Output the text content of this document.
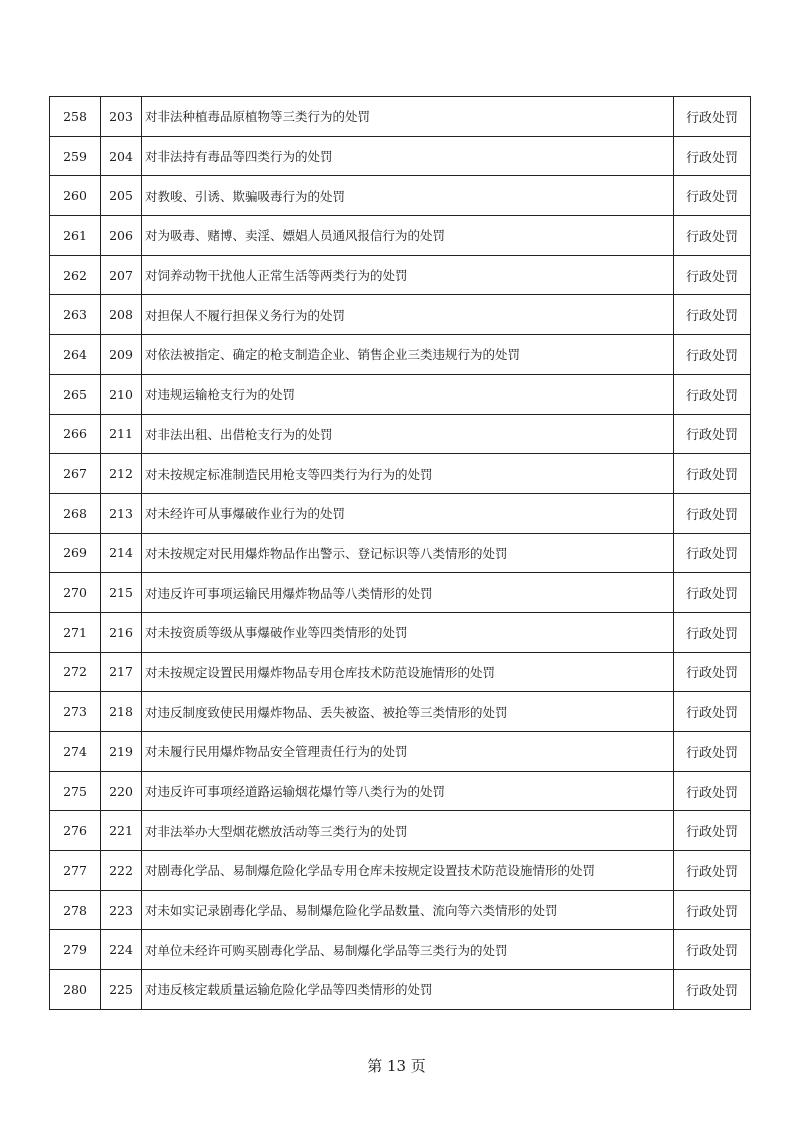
258	203	对非法种植毒品原植物等三类行为的处罚	行政处罚
259	204	对非法持有毒品等四类行为的处罚	行政处罚
260	205	对教唆、引诱、欺骗吸毒行为的处罚	行政处罚
261	206	对为吸毒、赌博、卖淫、嫖娼人员通风报信行为的处罚	行政处罚
262	207	对饲养动物干扰他人正常生活等两类行为的处罚	行政处罚
263	208	对担保人不履行担保义务行为的处罚	行政处罚
264	209	对依法被指定、确定的枪支制造企业、销售企业三类违规行为的处罚	行政处罚
265	210	对违规运输枪支行为的处罚	行政处罚
266	211	对非法出租、出借枪支行为的处罚	行政处罚
267	212	对未按规定标准制造民用枪支等四类行为行为的处罚	行政处罚
268	213	对未经许可从事爆破作业行为的处罚	行政处罚
269	214	对未按规定对民用爆炸物品作出警示、登记标识等八类情形的处罚	行政处罚
270	215	对违反许可事项运输民用爆炸物品等八类情形的处罚	行政处罚
271	216	对未按资质等级从事爆破作业等四类情形的处罚	行政处罚
272	217	对未按规定设置民用爆炸物品专用仓库技术防范设施情形的处罚	行政处罚
273	218	对违反制度致使民用爆炸物品、丢失被盗、被抢等三类情形的处罚	行政处罚
274	219	对未履行民用爆炸物品安全管理责任行为的处罚	行政处罚
275	220	对违反许可事项经道路运输烟花爆竹等八类行为的处罚	行政处罚
276	221	对非法举办大型烟花燃放活动等三类行为的处罚	行政处罚
277	222	对剧毒化学品、易制爆危险化学品专用仓库未按规定设置技术防范设施情形的处罚	行政处罚
278	223	对未如实记录剧毒化学品、易制爆危险化学品数量、流向等六类情形的处罚	行政处罚
279	224	对单位未经许可购买剧毒化学品、易制爆化学品等三类行为的处罚	行政处罚
280	225	对违反核定载质量运输危险化学品等四类情形的处罚	行政处罚
第 13 页
